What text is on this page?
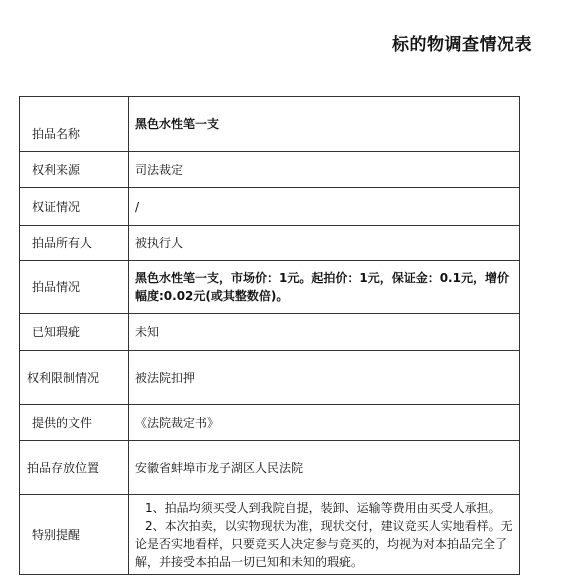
标的物调查情况表
拍品名称	黑色水性笔一支
权利来源	司法裁定
权证情况	/
拍品所有人	被执行人
拍品情况	黑色水性笔一支，市场价：1元。起拍价：1元，保证金：0.1元，增价幅度:0.02元(或其整数倍)。
已知瑕疵	未知
权利限制情况	被法院扣押
提供的文件	《法院裁定书》
拍品存放位置	安徽省蚌埠市龙子湖区人民法院
特别提醒	1、拍品均须买受人到我院自提，装卸、运输等费用由买受人承担。
2、本次拍卖，以实物现状为准，现状交付，建议竞买人实地看样。无论是否实地看样，只要竞买人决定参与竞买的，均视为对本拍品完全了解，并接受本拍品一切已知和未知的瑕疵。
